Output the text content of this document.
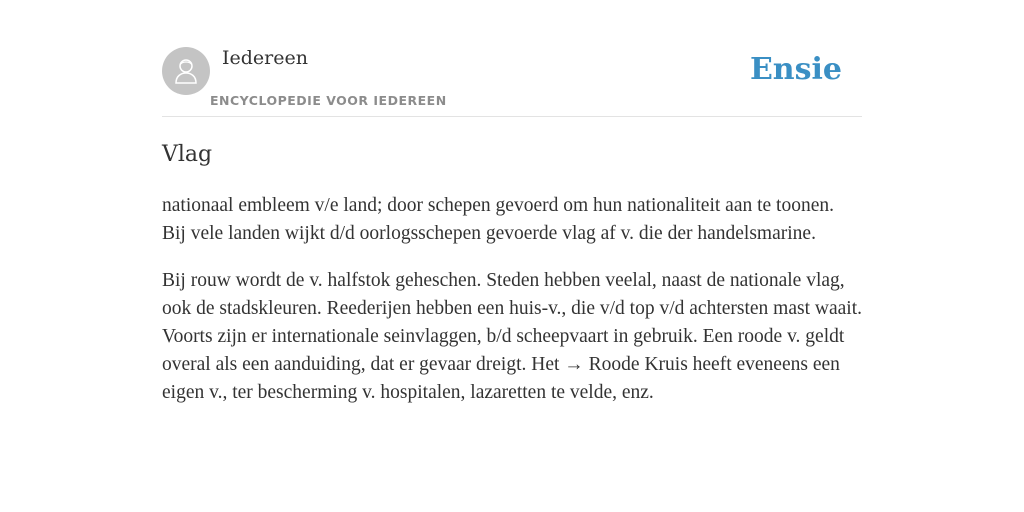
Iedereen
ENCYCLOPEDIE VOOR IEDEREEN
Ensie
Vlag

nationaal embleem v/e land; door schepen gevoerd om hun nationaliteit aan te toonen. Bij vele landen wijkt d/d oorlogsschepen gevoerde vlag af v. die der handelsmarine.

Bij rouw wordt de v. halfstok geheschen. Steden hebben veelal, naast de nationale vlag, ook de stadskleuren. Reederijen hebben een huis-v., die v/d top v/d achtersten mast waait. Voorts zijn er internationale seinvlaggen, b/d scheepvaart in gebruik. Een roode v. geldt overal als een aanduiding, dat er gevaar dreigt. Het → Roode Kruis heeft eveneens een eigen v., ter bescherming v. hospitalen, lazaretten te velde, enz.
